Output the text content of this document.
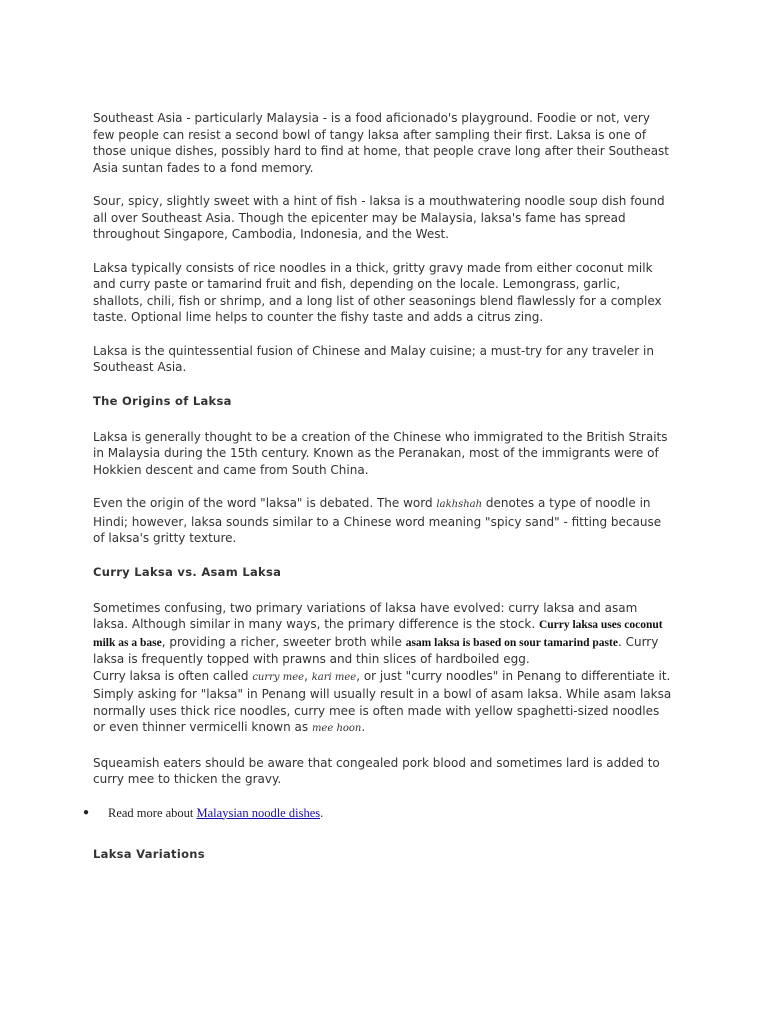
Southeast Asia - particularly Malaysia - is a food aficionado's playground. Foodie or not, very few people can resist a second bowl of tangy laksa after sampling their first. Laksa is one of those unique dishes, possibly hard to find at home, that people crave long after their Southeast Asia suntan fades to a fond memory.

Sour, spicy, slightly sweet with a hint of fish - laksa is a mouthwatering noodle soup dish found all over Southeast Asia. Though the epicenter may be Malaysia, laksa's fame has spread throughout Singapore, Cambodia, Indonesia, and the West.

Laksa typically consists of rice noodles in a thick, gritty gravy made from either coconut milk and curry paste or tamarind fruit and fish, depending on the locale. Lemongrass, garlic, shallots, chili, fish or shrimp, and a long list of other seasonings blend flawlessly for a complex taste. Optional lime helps to counter the fishy taste and adds a citrus zing.

Laksa is the quintessential fusion of Chinese and Malay cuisine; a must-try for any traveler in Southeast Asia.

The Origins of Laksa

Laksa is generally thought to be a creation of the Chinese who immigrated to the British Straits in Malaysia during the 15th century. Known as the Peranakan, most of the immigrants were of Hokkien descent and came from South China.

Even the origin of the word "laksa" is debated. The word lakhshah denotes a type of noodle in Hindi; however, laksa sounds similar to a Chinese word meaning "spicy sand" - fitting because of laksa's gritty texture.

Curry Laksa vs. Asam Laksa

Sometimes confusing, two primary variations of laksa have evolved: curry laksa and asam laksa. Although similar in many ways, the primary difference is the stock. Curry laksa uses coconut milk as a base, providing a richer, sweeter broth while asam laksa is based on sour tamarind paste. Curry laksa is frequently topped with prawns and thin slices of hardboiled egg.
Curry laksa is often called curry mee, kari mee, or just "curry noodles" in Penang to differentiate it. Simply asking for "laksa" in Penang will usually result in a bowl of asam laksa. While asam laksa normally uses thick rice noodles, curry mee is often made with yellow spaghetti-sized noodles or even thinner vermicelli known as mee hoon.

Squeamish eaters should be aware that congealed pork blood and sometimes lard is added to curry mee to thicken the gravy.

●	Read more about Malaysian noodle dishes.
Laksa Variations
